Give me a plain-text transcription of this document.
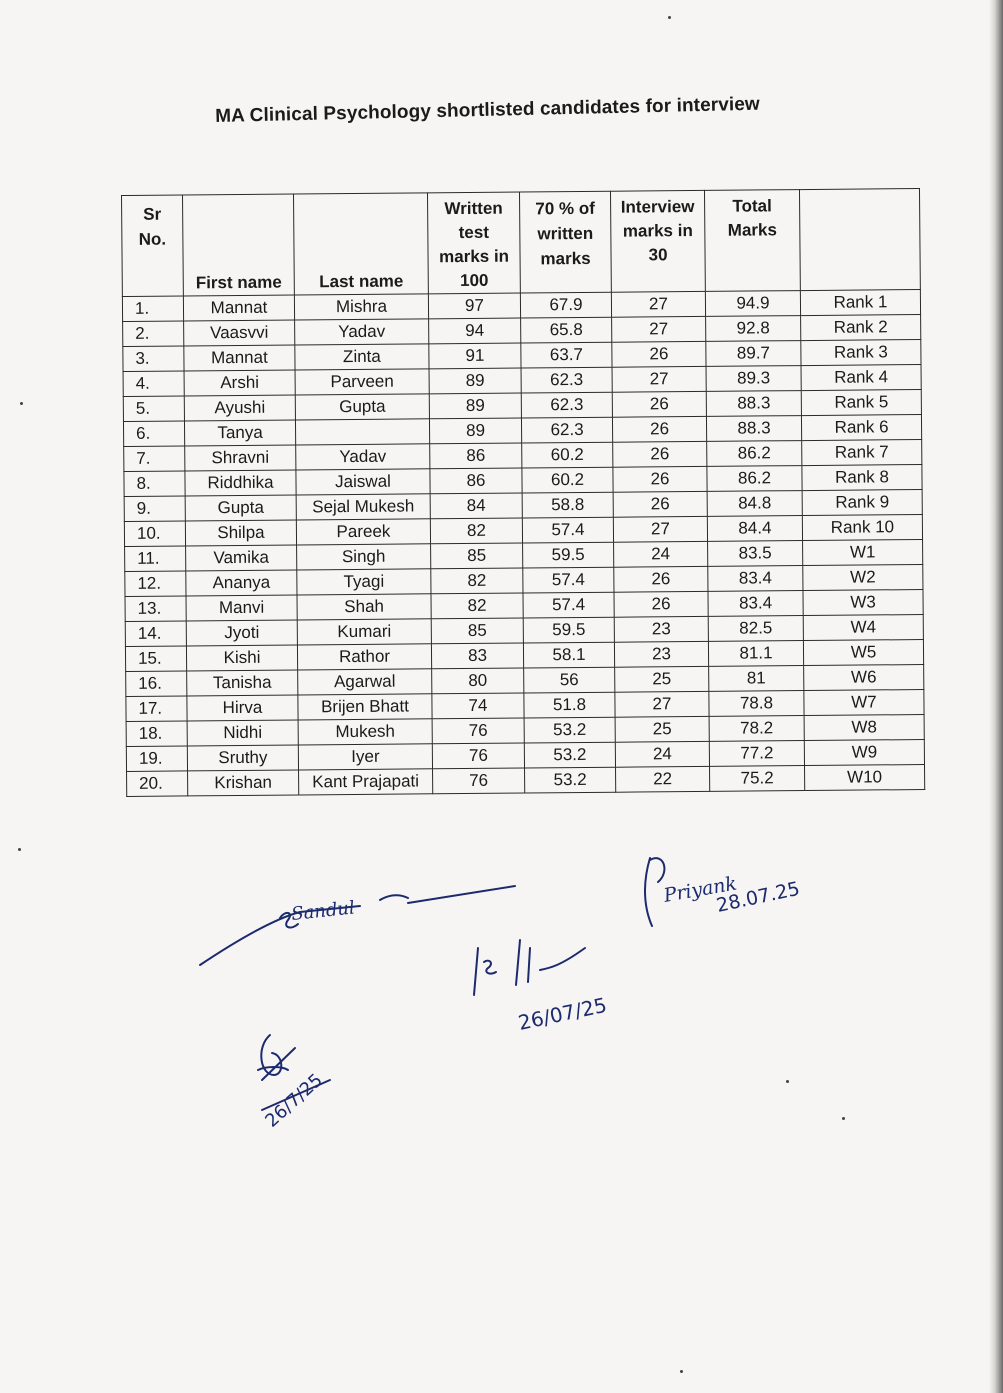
MA Clinical Psychology shortlisted candidates for interview
Sr No.	First name	Last name	Written test marks in 100	70 % of written marks	Interview marks in 30	Total Marks	

1.	Mannat	Mishra	97	67.9	27	94.9	Rank 1
2.	Vaasvvi	Yadav	94	65.8	27	92.8	Rank 2
3.	Mannat	Zinta	91	63.7	26	89.7	Rank 3
4.	Arshi	Parveen	89	62.3	27	89.3	Rank 4
5.	Ayushi	Gupta	89	62.3	26	88.3	Rank 5
6.	Tanya		89	62.3	26	88.3	Rank 6
7.	Shravni	Yadav	86	60.2	26	86.2	Rank 7
8.	Riddhika	Jaiswal	86	60.2	26	86.2	Rank 8
9.	Gupta	Sejal Mukesh	84	58.8	26	84.8	Rank 9
10.	Shilpa	Pareek	82	57.4	27	84.4	Rank 10
11.	Vamika	Singh	85	59.5	24	83.5	W1
12.	Ananya	Tyagi	82	57.4	26	83.4	W2
13.	Manvi	Shah	82	57.4	26	83.4	W3
14.	Jyoti	Kumari	85	59.5	23	82.5	W4
15.	Kishi	Rathor	83	58.1	23	81.1	W5
16.	Tanisha	Agarwal	80	56	25	81	W6
17.	Hirva	Brijen Bhatt	74	51.8	27	78.8	W7
18.	Nidhi	Mukesh	76	53.2	25	78.2	W8
19.	Sruthy	Iyer	76	53.2	24	77.2	W9
20.	Krishan	Kant Prajapati	76	53.2	22	75.2	W10
Sandul
26/07/25
Priyank
28.07.25
26/7/25
